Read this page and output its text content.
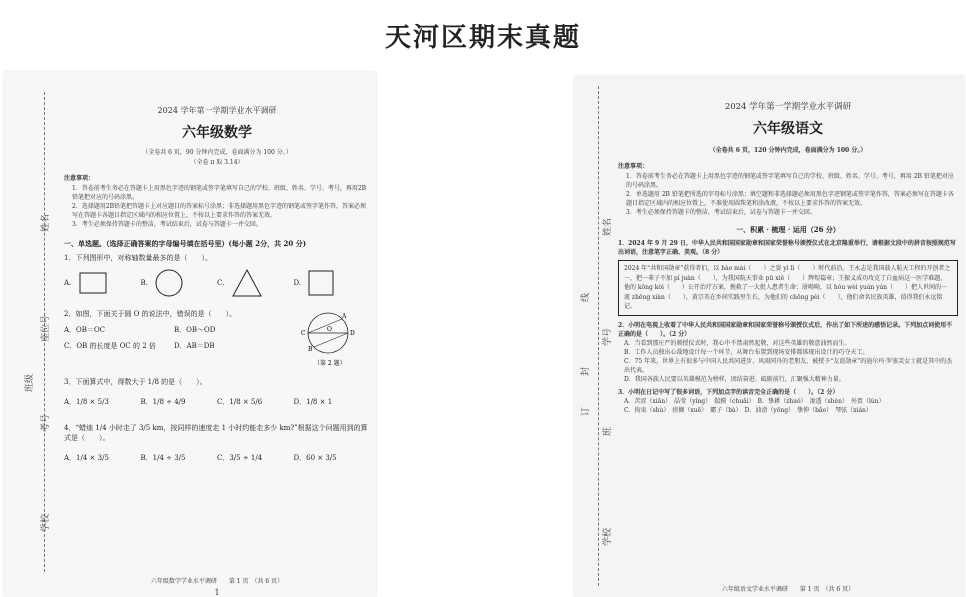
天河区期末真题
姓名
座位号
班级
考号
学校
2024 学年第一学期学业水平调研
六年级数学
（全卷共 6 页，90 分钟内完成，卷面满分为 100 分。）
（全卷 π 取 3.14）
注意事项：
1．答卷前考生务必在答题卡上用黑色字迹的钢笔或签字笔填写自己的学校、班级、姓名、学号、考号，再用2B铅笔把对应的号码涂黑。
2．选择题用2B铅笔把答题卡上对应题目的答案标号涂黑；非选择题用黑色字迹的钢笔或签字笔作答，答案必须写在答题卡各题目指定区域内的相应位置上，不按以上要求作答的答案无效。
3．考生必须保持答题卡的整洁，考试结束后，试卷与答题卡一并交回。
一、单选题。（选择正确答案的字母编号填在括号里）(每小题 2分，共 20 分)
1．下列图形中，对称轴数量最多的是（　　）。
A.	B.	C.	D.
2．如图，下面关于圆 O 的说法中，错误的是（　　）。
A．OB＝OC	B．OB～OD
C．OB 的长度是 OC 的 2 倍	D．AB＝DB
C
O
D
A
B
（第 2 题）
3．下面算式中，得数大于 1/8 的是（　　）。
A．1/8 × 5/3	B．1/8 ÷ 4/9	C．1/8 × 5/6	D．1/8 × 1
4．“蜡烛 1/4 小时走了 3/5 km，按同样的速度走 1 小时约能走多少 km?”根据这个问题用到的算式是（　　）。
A．1/4 × 3/5	B．1/4 ÷ 3/5	C．3/5 ÷ 1/4	D．60 × 3/5
六年级数学学业水平调研　　第 1 页　（共 6 页）
1
姓名
线
学号
封
订
班
学校
2024 学年第一学期学业水平调研
六年级语文
（全卷共 6 页，120 分钟内完成，卷面满分为 100 分。）
注意事项：
1．答卷前考生务必在答题卡上用黑色字迹的钢笔或签字笔填写自己的学校、班级、姓名、学号、考号，再用 2B 铅笔把对应的号码涂黑。
2．单选题用 2B 铅笔把所选的字母标号涂黑；填空题和非选择题必须用黑色字迹钢笔或签字笔作答，答案必须写在答题卡各题目指定区域内的相应位置上，不准使用圆珠笔和涂改液，不按以上要求作答的答案无效。
3．考生必须保持答题卡的整洁，考试结束后，试卷与答题卡一并交回。
一、积累 · 梳理 · 运用（26 分）
1．2024 年 9 月 29 日，中华人民共和国国家勋章和国家荣誉称号颁授仪式在北京隆重举行，请根据文段中的拼音按照规范写出词语，注意笔字正确、美观。（8 分）
2024 年“共和国勋章”获得者们，以 hào mài（　　）之姿 yì lì（　　）时代前沿。王永志是我国载人航天工程的开创者之一，把一辈子不加 pí juàn（　　），为我国航天事业 pū xiě（　　）辉煌篇章；王振义成功攻克了白血病这一医学难题，他的 kōng kòi（　　）公开治疗方案，挽救了一大批人患者生命；屠呦呦，以 hóu wèi yuán yán（　　）把人世间的一流 zhēng xiàn（　　），黄宗英在乡间实践里生长，为他们的 chōng pèi（　　），他们命名民族英雄，值得我们永远铭记。
2．小明在电视上收看了中华人民共和国国家勋章和国家荣誉称号颁授仪式后，作出了如下所述的感悟记录。下列加点词使用不正确的是（　　）。（2 分）
A．当看到那庄严的颁授仪式时，我心中不禁肃然起敬，对这些英雄的敬意油然而生。
B．工作人员独出心裁地设计每一个环节，从舞台布置到现场安排都体现出设计的巧夺天工。
C．75 年来，世界上有很多与中国人民共同进步、风雨同舟的老朋友，被授予“友谊勋章”的迪尔玛·罗塞芙女士就是其中的杰出代表。
D．我国各族人民要以英雄模范为榜样，团结奋进、砥砺前行，汇聚强大精神力量。
3．小明在日记中写了很多词语，下列加点字的读音完全正确的是（　　）。（2 分）
A．苦涩（xiān）　晶莹（yíng）　揣摸（chuǎi）　B．挚耕（zhuó）　渗透（shèn）　外贾（lún）
C．拘束（shù）　搓搁（xuē）　霸子（bà）　D．油滑（yōng）　挚伸（bǎo）　琴弦（xián）
六年级语文学业水平调研　　第 1 页　（共 6 页）
